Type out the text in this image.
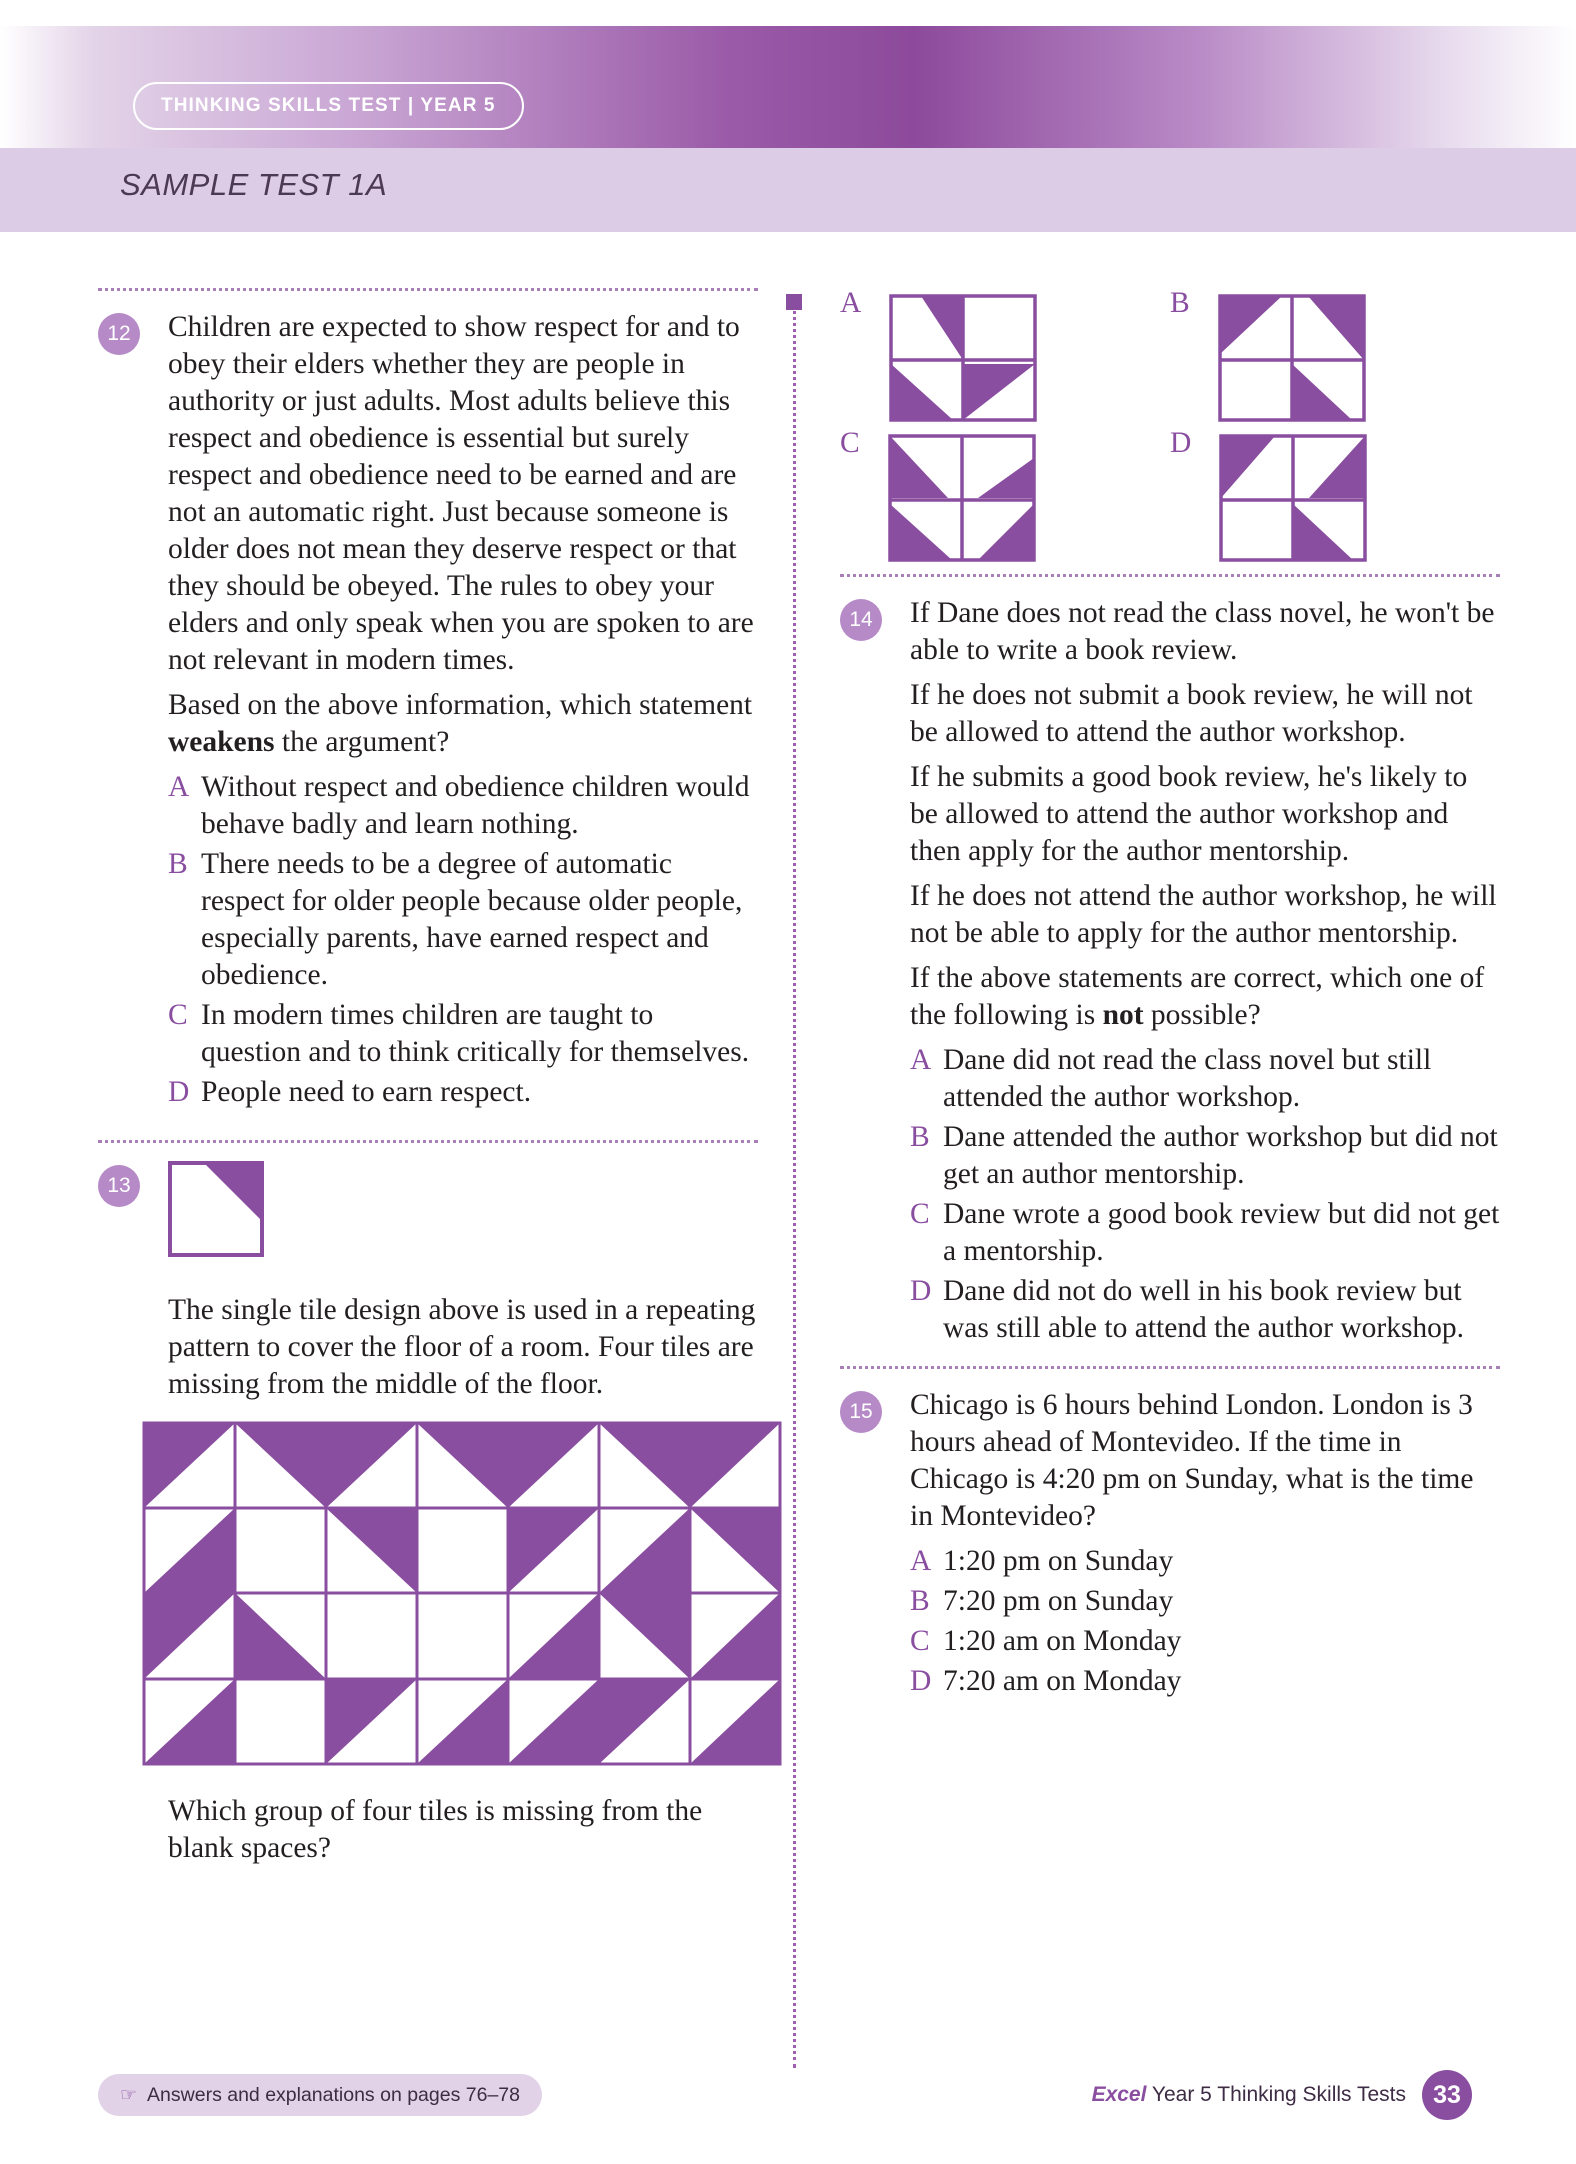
THINKING SKILLS TEST | YEAR 5
SAMPLE TEST 1A
12	Children are expected to show respect for and to obey their elders whether they are people in authority or just adults. Most adults believe this respect and obedience is essential but surely respect and obedience need to be earned and are not an automatic right. Just because someone is older does not mean they deserve respect or that they should be obeyed. The rules to obey your elders and only speak when you are spoken to are not relevant in modern times.

Based on the above information, which statement weakens the argument?

A Without respect and obedience children would behave badly and learn nothing.
B There needs to be a degree of automatic respect for older people because older people, especially parents, have earned respect and obedience.
C In modern times children are taught to question and to think critically for themselves.
D People need to earn respect.
13

The single tile design above is used in a repeating pattern to cover the floor of a room. Four tiles are missing from the middle of the floor.

Which group of four tiles is missing from the blank spaces?

A	B
C	D
14	If Dane does not read the class novel, he won't be able to write a book review.

If he does not submit a book review, he will not be allowed to attend the author workshop.

If he submits a good book review, he's likely to be allowed to attend the author workshop and then apply for the author mentorship.

If he does not attend the author workshop, he will not be able to apply for the author mentorship.

If the above statements are correct, which one of the following is not possible?

A Dane did not read the class novel but still attended the author workshop.
B Dane attended the author workshop but did not get an author mentorship.
C Dane wrote a good book review but did not get a mentorship.
D Dane did not do well in his book review but was still able to attend the author workshop.
15	Chicago is 6 hours behind London. London is 3 hours ahead of Montevideo. If the time in Chicago is 4:20 pm on Sunday, what is the time in Montevideo?

A 1:20 pm on Sunday
B 7:20 pm on Sunday
C 1:20 am on Monday
D 7:20 am on Monday
☞ Answers and explanations on pages 76–78	Excel Year 5 Thinking Skills Tests	33
